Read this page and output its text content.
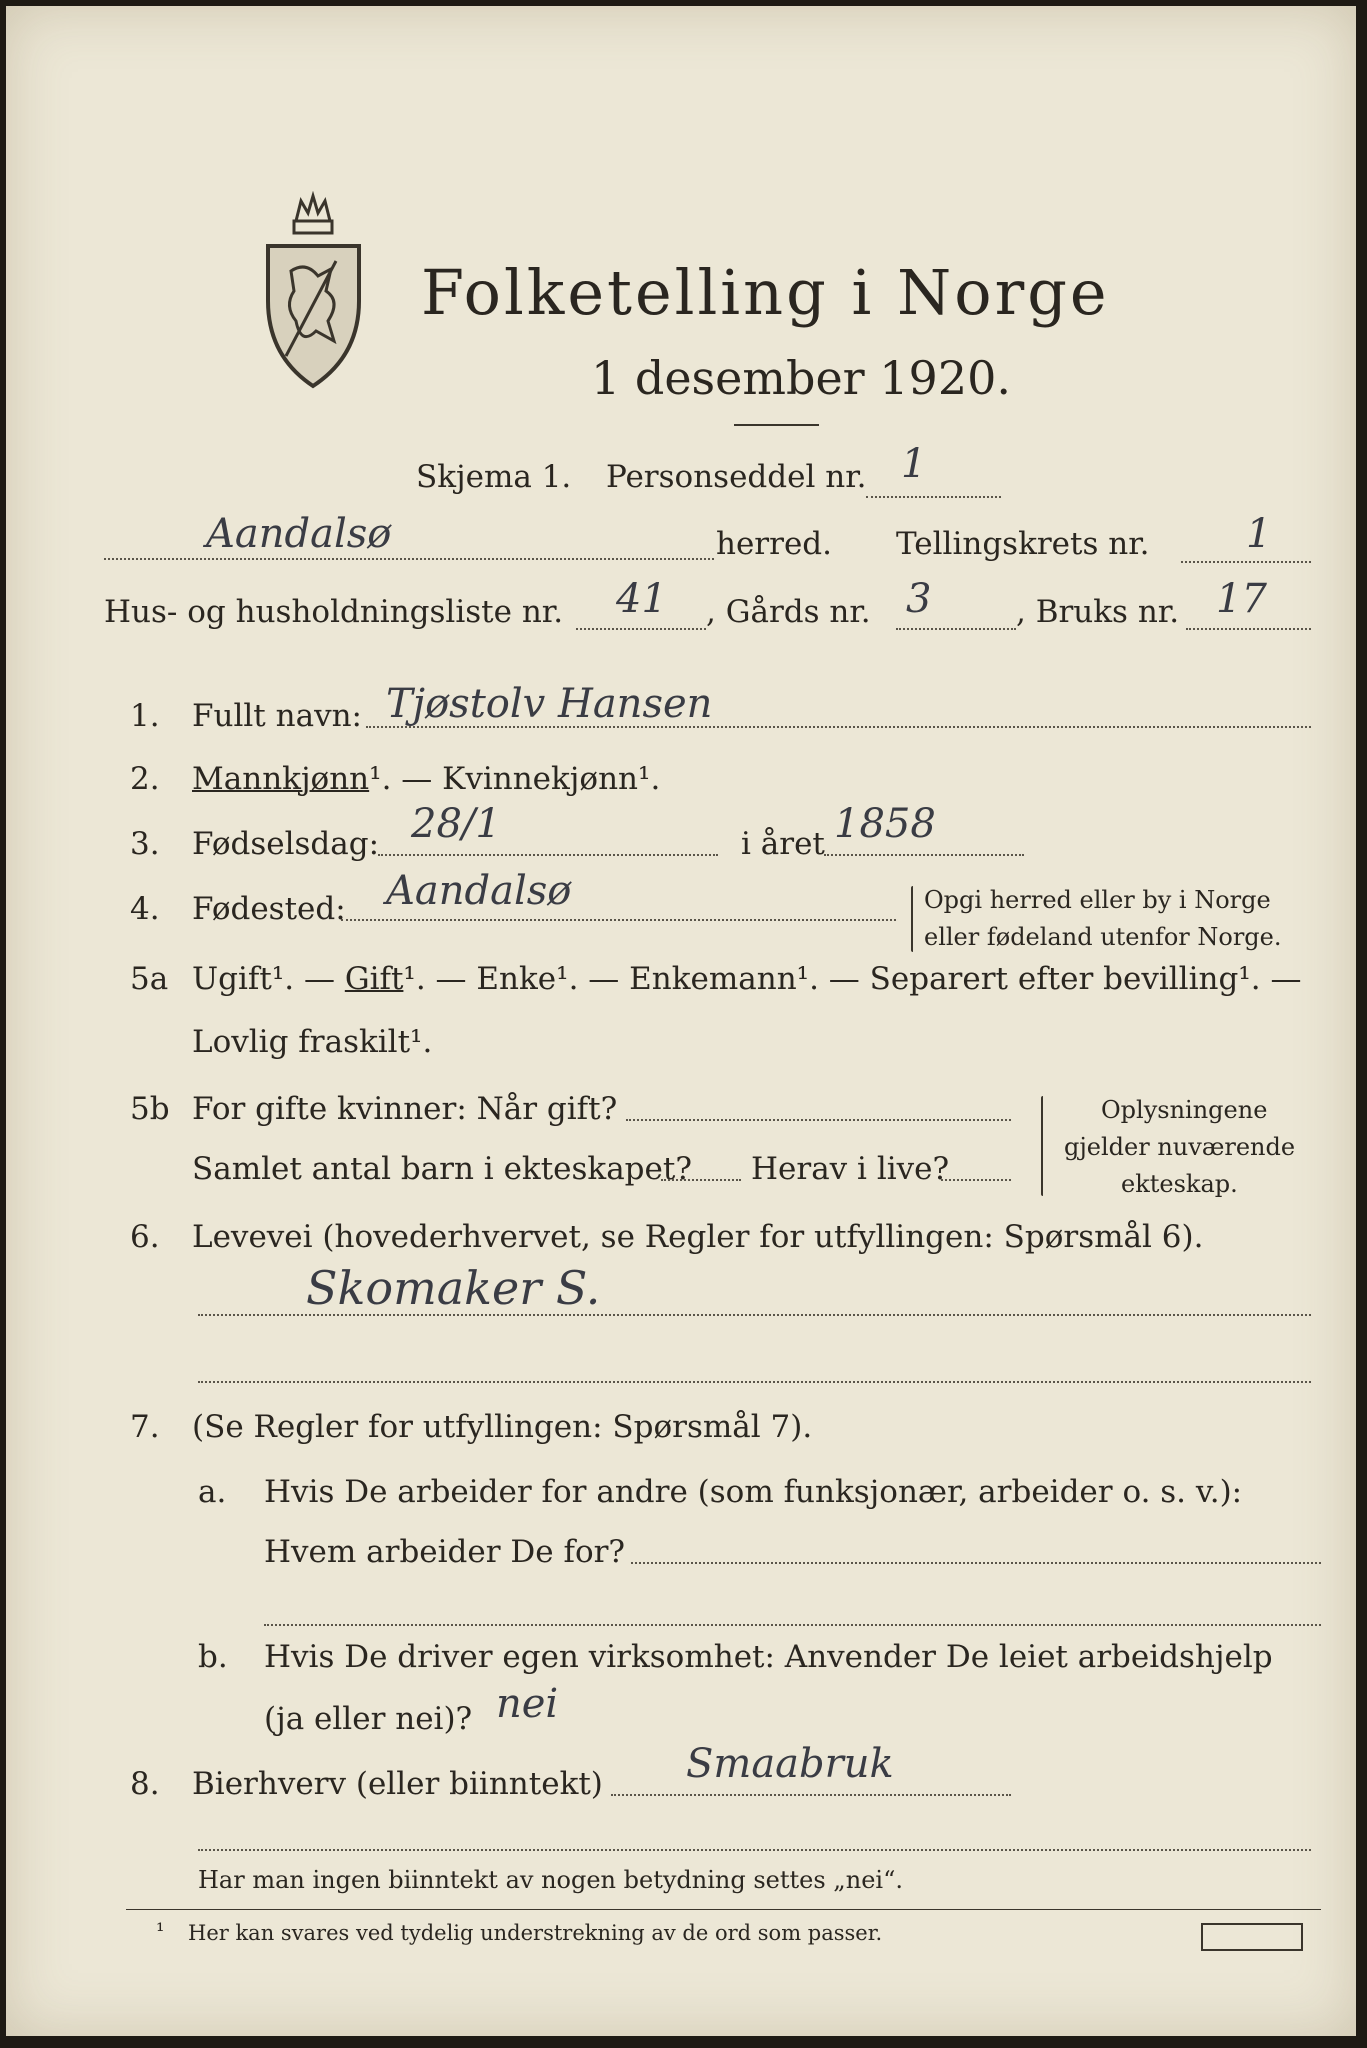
Folketelling i Norge
1 desember 1920.
Skjema 1. Personseddel nr. 1
Aandalsø	herred. Tellingskrets nr. 1
Hus- og husholdningsliste nr. 41 , Gårds nr. 3	, Bruks nr. 17
1. Fullt navn: Tjøstolv Hansen
2. Mannkjønn¹. — Kvinnekjønn¹.
3. Fødselsdag: 28/1	i året 1858
4. Fødested: Aandalsø	Opgi herred eller by i Norge
eller fødeland utenfor Norge.
5a Ugift¹. — Gift¹. — Enke¹. — Enkemann¹. — Separert efter bevilling¹. —
Lovlig fraskilt¹.
5b For gifte kvinner: Når gift?
Samlet antal barn i ekteskapet? Herav i live?
Oplysningene
gjelder nuværende
ekteskap.
6. Levevei (hovederhvervet, se Regler for utfyllingen: Spørsmål 6).
Skomaker S.
7. (Se Regler for utfyllingen: Spørsmål 7).
a. Hvis De arbeider for andre (som funksjonær, arbeider o. s. v.):
Hvem arbeider De for?
b. Hvis De driver egen virksomhet: Anvender De leiet arbeidshjelp
(ja eller nei)? nei
8. Bierhverv (eller biinntekt) Smaabruk
Har man ingen biinntekt av nogen betydning settes „nei“.
¹ Her kan svares ved tydelig understrekning av de ord som passer.
